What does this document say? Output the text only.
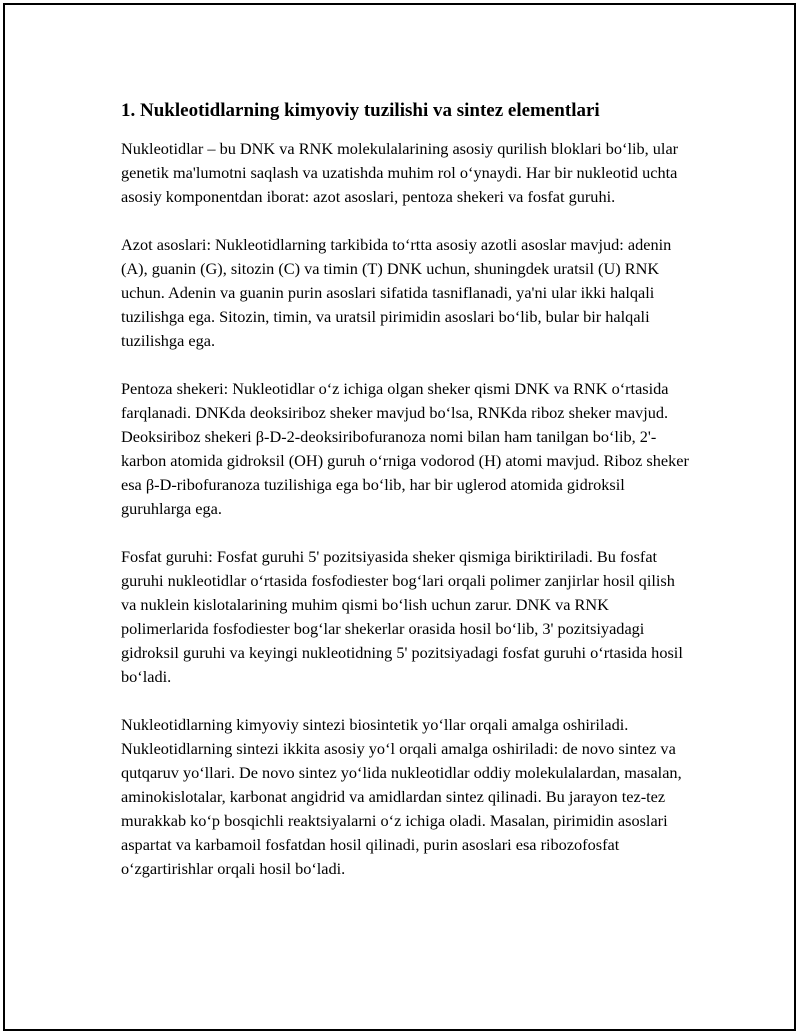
1. Nukleotidlarning kimyoviy tuzilishi va sintez elementlari

Nukleotidlar – bu DNK va RNK molekulalarining asosiy qurilish bloklari bo‘lib, ular genetik ma'lumotni saqlash va uzatishda muhim rol o‘ynaydi. Har bir nukleotid uchta asosiy komponentdan iborat: azot asoslari, pentoza shekeri va fosfat guruhi.

Azot asoslari: Nukleotidlarning tarkibida to‘rtta asosiy azotli asoslar mavjud: adenin (A), guanin (G), sitozin (C) va timin (T) DNK uchun, shuningdek uratsil (U) RNK uchun. Adenin va guanin purin asoslari sifatida tasniflanadi, ya'ni ular ikki halqali tuzilishga ega. Sitozin, timin, va uratsil pirimidin asoslari bo‘lib, bular bir halqali tuzilishga ega.

Pentoza shekeri: Nukleotidlar o‘z ichiga olgan sheker qismi DNK va RNK o‘rtasida farqlanadi. DNKda deoksiriboz sheker mavjud bo‘lsa, RNKda riboz sheker mavjud. Deoksiriboz shekeri β-D-2-deoksiribofuranoza nomi bilan ham tanilgan bo‘lib, 2'- karbon atomida gidroksil (OH) guruh o‘rniga vodorod (H) atomi mavjud. Riboz sheker esa β-D-ribofuranoza tuzilishiga ega bo‘lib, har bir uglerod atomida gidroksil guruhlarga ega.

Fosfat guruhi: Fosfat guruhi 5' pozitsiyasida sheker qismiga biriktiriladi. Bu fosfat guruhi nukleotidlar o‘rtasida fosfodiester bog‘lari orqali polimer zanjirlar hosil qilish va nuklein kislotalarining muhim qismi bo‘lish uchun zarur. DNK va RNK polimerlarida fosfodiester bog‘lar shekerlar orasida hosil bo‘lib, 3' pozitsiyadagi gidroksil guruhi va keyingi nukleotidning 5' pozitsiyadagi fosfat guruhi o‘rtasida hosil bo‘ladi.

Nukleotidlarning kimyoviy sintezi biosintetik yo‘llar orqali amalga oshiriladi. Nukleotidlarning sintezi ikkita asosiy yo‘l orqali amalga oshiriladi: de novo sintez va qutqaruv yo‘llari. De novo sintez yo‘lida nukleotidlar oddiy molekulalardan, masalan, aminokislotalar, karbonat angidrid va amidlardan sintez qilinadi. Bu jarayon tez-tez murakkab ko‘p bosqichli reaktsiyalarni o‘z ichiga oladi. Masalan, pirimidin asoslari aspartat va karbamoil fosfatdan hosil qilinadi, purin asoslari esa ribozofosfat o‘zgartirishlar orqali hosil bo‘ladi.
